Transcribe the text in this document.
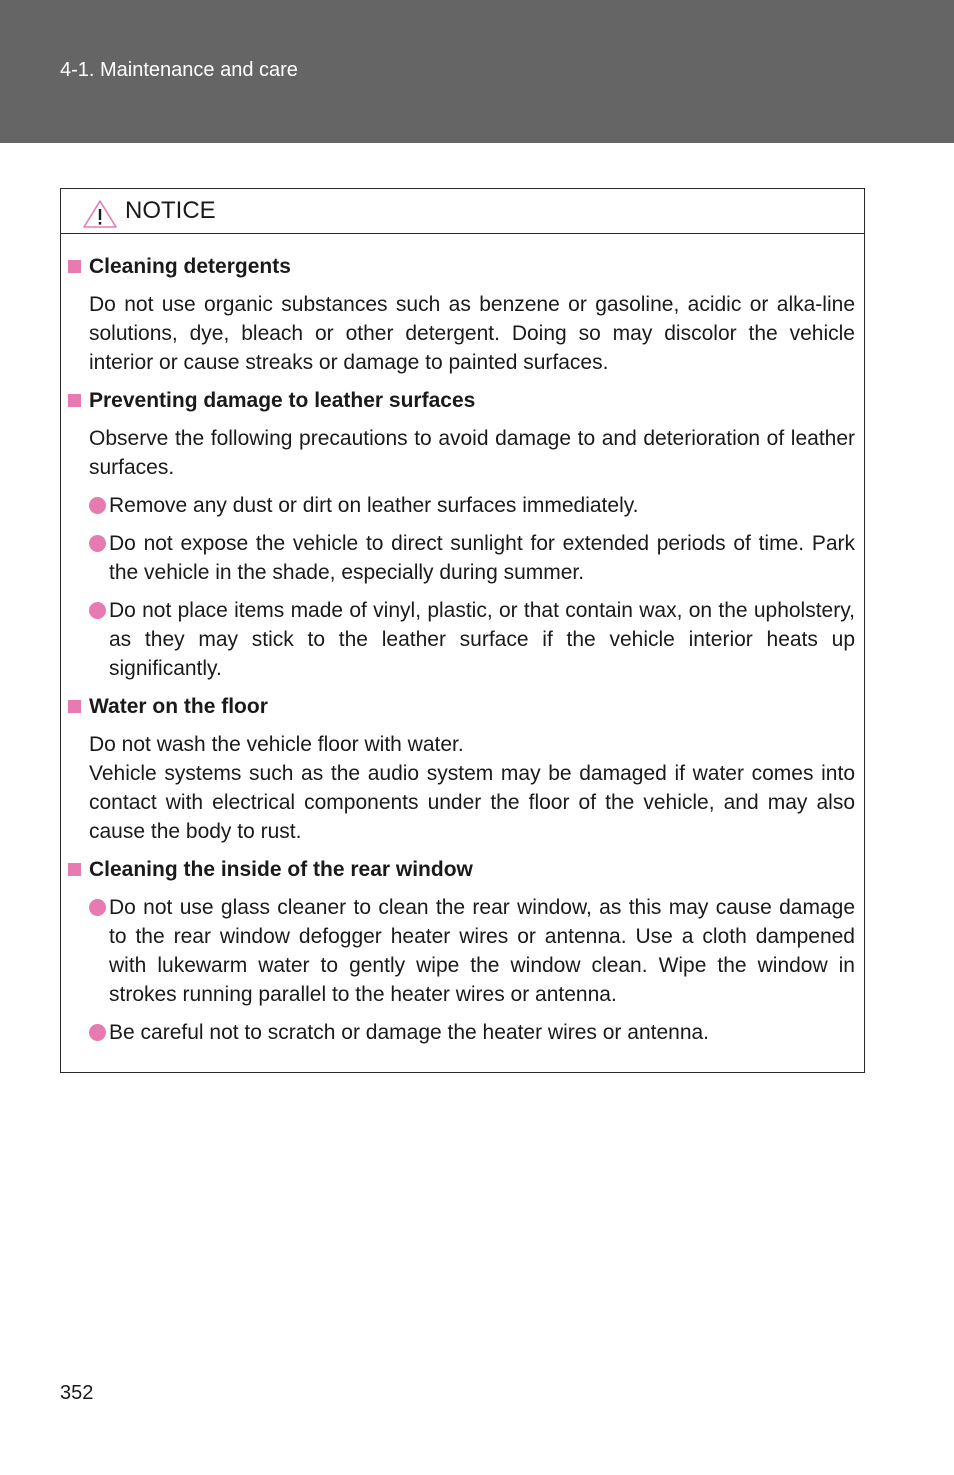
4-1. Maintenance and care
NOTICE
Cleaning detergents

Do not use organic substances such as benzene or gasoline, acidic or alka-line solutions, dye, bleach or other detergent. Doing so may discolor the vehicle interior or cause streaks or damage to painted surfaces.

Preventing damage to leather surfaces

Observe the following precautions to avoid damage to and deterioration of leather surfaces.

Remove any dust or dirt on leather surfaces immediately.
Do not expose the vehicle to direct sunlight for extended periods of time. Park the vehicle in the shade, especially during summer.
Do not place items made of vinyl, plastic, or that contain wax, on the upholstery, as they may stick to the leather surface if the vehicle interior heats up significantly.
Water on the floor

Do not wash the vehicle floor with water.

Vehicle systems such as the audio system may be damaged if water comes into contact with electrical components under the floor of the vehicle, and may also cause the body to rust.

Cleaning the inside of the rear window
Do not use glass cleaner to clean the rear window, as this may cause damage to the rear window defogger heater wires or antenna. Use a cloth dampened with lukewarm water to gently wipe the window clean. Wipe the window in strokes running parallel to the heater wires or antenna.
Be careful not to scratch or damage the heater wires or antenna.
352
